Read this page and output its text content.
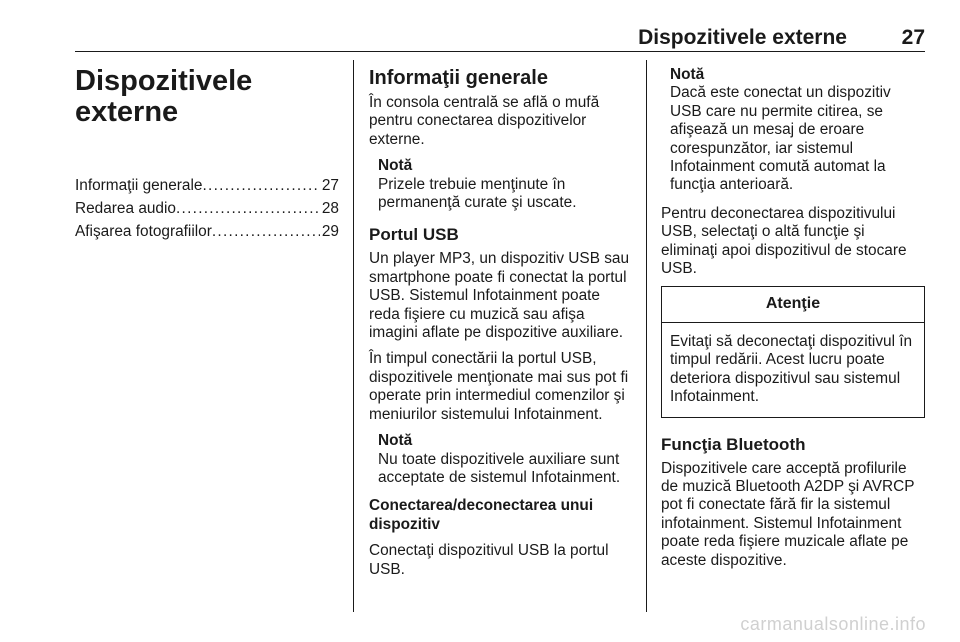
Dispozitivele externe	27
Dispozitivele
externe
Informaţii generale . . .	27
Redarea audio . . .	28
Afişarea fotografiilor . . .	29
Informaţii generale

În consola centrală se află o mufă pentru conectarea dispozitivelor externe.

Notă
Prizele trebuie menţinute în permanenţă curate şi uscate.
Portul USB

Un player MP3, un dispozitiv USB sau smartphone poate fi conectat la portul USB. Sistemul Infotainment poate reda fişiere cu muzică sau afişa imagini aflate pe dispozitive auxiliare.

În timpul conectării la portul USB, dispozitivele menţionate mai sus pot fi operate prin intermediul comenzilor şi meniurilor sistemului Infotainment.

Notă
Nu toate dispozitivele auxiliare sunt acceptate de sistemul Infotainment.

Conectarea/deconectarea unui dispozitiv

Conectaţi dispozitivul USB la portul USB.

Notă
Dacă este conectat un dispozitiv USB care nu permite citirea, se afişează un mesaj de eroare corespunzător, iar sistemul Infotainment comută automat la funcţia anterioară.

Pentru deconectarea dispozitivului USB, selectaţi o altă funcţie şi eliminaţi apoi dispozitivul de stocare USB.

Atenţie
Evitaţi să deconectaţi dispozitivul în timpul redării. Acest lucru poate deteriora dispozitivul sau sistemul Infotainment.
Funcţia Bluetooth

Dispozitivele care acceptă profilurile de muzică Bluetooth A2DP şi AVRCP pot fi conectate fără fir la sistemul infotainment. Sistemul Infotainment poate reda fişiere muzicale aflate pe aceste dispozitive.

carmanualsonline.info
